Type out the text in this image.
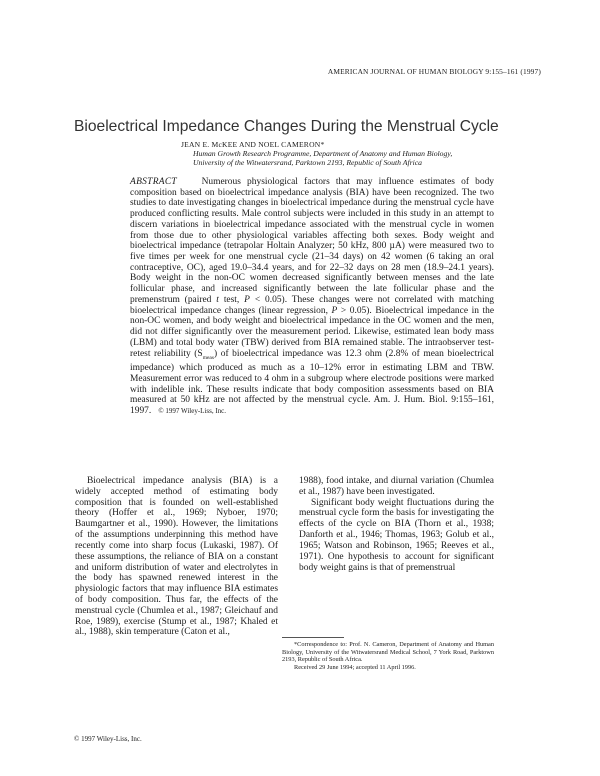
AMERICAN JOURNAL OF HUMAN BIOLOGY 9:155–161 (1997)
Bioelectrical Impedance Changes During the Menstrual Cycle
JEAN E. McKEE AND NOEL CAMERON*
Human Growth Research Programme, Department of Anatomy and Human Biology, University of the Witwatersrand, Parktown 2193, Republic of South Africa
ABSTRACT	Numerous physiological factors that may influence estimates of body composition based on bioelectrical impedance analysis (BIA) have been recognized. The two studies to date investigating changes in bioelectrical impedance during the menstrual cycle have produced conflicting results. Male control subjects were included in this study in an attempt to discern variations in bioelectrical impedance associated with the menstrual cycle in women from those due to other physiological variables affecting both sexes. Body weight and bioelectrical impedance (tetrapolar Holtain Analyzer; 50 kHz, 800 µA) were measured two to five times per week for one menstrual cycle (21–34 days) on 42 women (6 taking an oral contraceptive, OC), aged 19.0–34.4 years, and for 22–32 days on 28 men (18.9–24.1 years). Body weight in the non-OC women decreased significantly between menses and the late follicular phase, and increased significantly between the late follicular phase and the premenstrum (paired t test, P < 0.05). These changes were not correlated with matching bioelectrical impedance changes (linear regression, P > 0.05). Bioelectrical impedance in the non-OC women, and body weight and bioelectrical impedance in the OC women and the men, did not differ significantly over the measurement period. Likewise, estimated lean body mass (LBM) and total body water (TBW) derived from BIA remained stable. The intraobserver test-retest reliability $(S_{meas})$ of bioelectrical impedance was 12.3 ohm (2.8% of mean bioelectrical impedance) which produced as much as a 10–12% error in estimating LBM and TBW. Measurement error was reduced to 4 ohm in a subgroup where electrode positions were marked with indelible ink. These results indicate that body composition assessments based on BIA measured at 50 kHz are not affected by the menstrual cycle. Am. J. Hum. Biol. 9:155–161, 1997. © 1997 Wiley-Liss, Inc.

Bioelectrical impedance analysis (BIA) is a widely accepted method of estimating body composition that is founded on well-established theory (Hoffer et al., 1969; Nyboer, 1970; Baumgartner et al., 1990). However, the limitations of the assumptions underpinning this method have recently come into sharp focus (Lukaski, 1987). Of these assumptions, the reliance of BIA on a constant and uniform distribution of water and electrolytes in the body has spawned renewed interest in the physiologic factors that may influence BIA estimates of body composition. Thus far, the effects of the menstrual cycle (Chumlea et al., 1987; Gleichauf and Roe, 1989), exercise (Stump et al., 1987; Khaled et al., 1988), skin temperature (Caton et al.,

1988), food intake, and diurnal variation (Chumlea et al., 1987) have been investigated.

Significant body weight fluctuations during the menstrual cycle form the basis for investigating the effects of the cycle on BIA (Thorn et al., 1938; Danforth et al., 1946; Thomas, 1963; Golub et al., 1965; Watson and Robinson, 1965; Reeves et al., 1971). One hypothesis to account for significant body weight gains is that of premenstrual

*Correspondence to: Prof. N. Cameron, Department of Anatomy and Human Biology, University of the Witwatersrand Medical School, 7 York Road, Parktown 2193, Republic of South Africa.
Received 29 June 1994; accepted 11 April 1996.
© 1997 Wiley-Liss, Inc.
